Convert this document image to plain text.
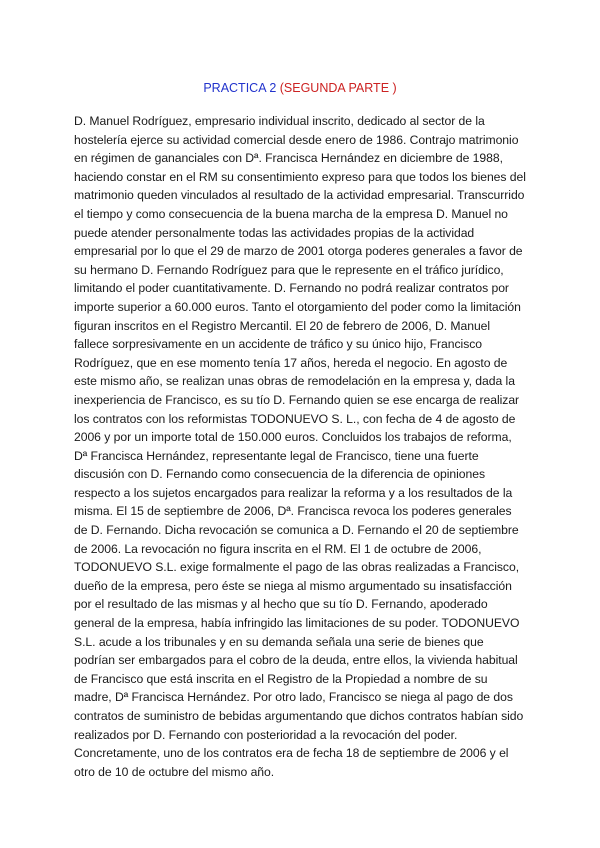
PRACTICA 2 (SEGUNDA PARTE )

D. Manuel Rodríguez, empresario individual inscrito, dedicado al sector de la hostelería ejerce su actividad comercial desde enero de 1986. Contrajo matrimonio en régimen de gananciales con Dª. Francisca Hernández en diciembre de 1988, haciendo constar en el RM su consentimiento expreso para que todos los bienes del matrimonio queden vinculados al resultado de la actividad empresarial. Transcurrido el tiempo y como consecuencia de la buena marcha de la empresa D. Manuel no puede atender personalmente todas las actividades propias de la actividad empresarial por lo que el 29 de marzo de 2001 otorga poderes generales a favor de su hermano D. Fernando Rodríguez para que le represente en el tráfico jurídico, limitando el poder cuantitativamente. D. Fernando no podrá realizar contratos por importe superior a 60.000 euros. Tanto el otorgamiento del poder como la limitación figuran inscritos en el Registro Mercantil. El 20 de febrero de 2006, D. Manuel fallece sorpresivamente en un accidente de tráfico y su único hijo, Francisco Rodríguez, que en ese momento tenía 17 años, hereda el negocio. En agosto de este mismo año, se realizan unas obras de remodelación en la empresa y, dada la inexperiencia de Francisco, es su tío D. Fernando quien se ese encarga de realizar los contratos con los reformistas TODONUEVO S. L., con fecha de 4 de agosto de 2006 y por un importe total de 150.000 euros. Concluidos los trabajos de reforma, Dª Francisca Hernández, representante legal de Francisco, tiene una fuerte discusión con D. Fernando como consecuencia de la diferencia de opiniones respecto a los sujetos encargados para realizar la reforma y a los resultados de la misma. El 15 de septiembre de 2006, Dª. Francisca revoca los poderes generales de D. Fernando. Dicha revocación se comunica a D. Fernando el 20 de septiembre de 2006. La revocación no figura inscrita en el RM. El 1 de octubre de 2006, TODONUEVO S.L. exige formalmente el pago de las obras realizadas a Francisco, dueño de la empresa, pero éste se niega al mismo argumentado su insatisfacción por el resultado de las mismas y al hecho que su tío D. Fernando, apoderado general de la empresa, había infringido las limitaciones de su poder. TODONUEVO S.L. acude a los tribunales y en su demanda señala una serie de bienes que podrían ser embargados para el cobro de la deuda, entre ellos, la vivienda habitual de Francisco que está inscrita en el Registro de la Propiedad a nombre de su madre, Dª Francisca Hernández. Por otro lado, Francisco se niega al pago de dos contratos de suministro de bebidas argumentando que dichos contratos habían sido realizados por D. Fernando con posterioridad a la revocación del poder. Concretamente, uno de los contratos era de fecha 18 de septiembre de 2006 y el otro de 10 de octubre del mismo año.
